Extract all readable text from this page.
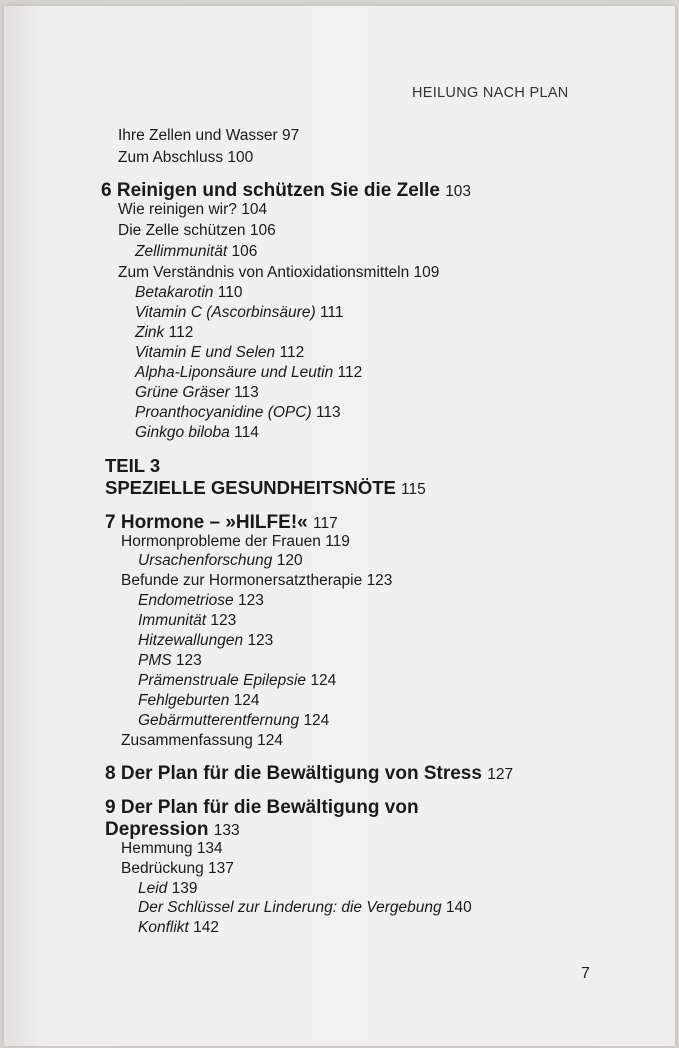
HEILUNG NACH PLAN
Ihre Zellen und Wasser 97
Zum Abschluss 100
6 Reinigen und schützen Sie die Zelle 103
Wie reinigen wir? 104
Die Zelle schützen 106
Zellimmunität 106
Zum Verständnis von Antioxidationsmitteln 109
Betakarotin 110
Vitamin C (Ascorbinsäure) 111
Zink 112
Vitamin E und Selen 112
Alpha-Liponsäure und Leutin 112
Grüne Gräser 113
Proanthocyanidine (OPC) 113
Ginkgo biloba 114
TEIL 3
SPEZIELLE GESUNDHEITSNÖTE 115
7 Hormone – »HILFE!« 117
Hormonprobleme der Frauen 119
Ursachenforschung 120
Befunde zur Hormonersatztherapie 123
Endometriose 123
Immunität 123
Hitzewallungen 123
PMS 123
Prämenstruale Epilepsie 124
Fehlgeburten 124
Gebärmutterentfernung 124
Zusammenfassung 124
8 Der Plan für die Bewältigung von Stress 127
9 Der Plan für die Bewältigung von
Depression 133
Hemmung 134
Bedrückung 137
Leid 139
Der Schlüssel zur Linderung: die Vergebung 140
Konflikt 142
7
